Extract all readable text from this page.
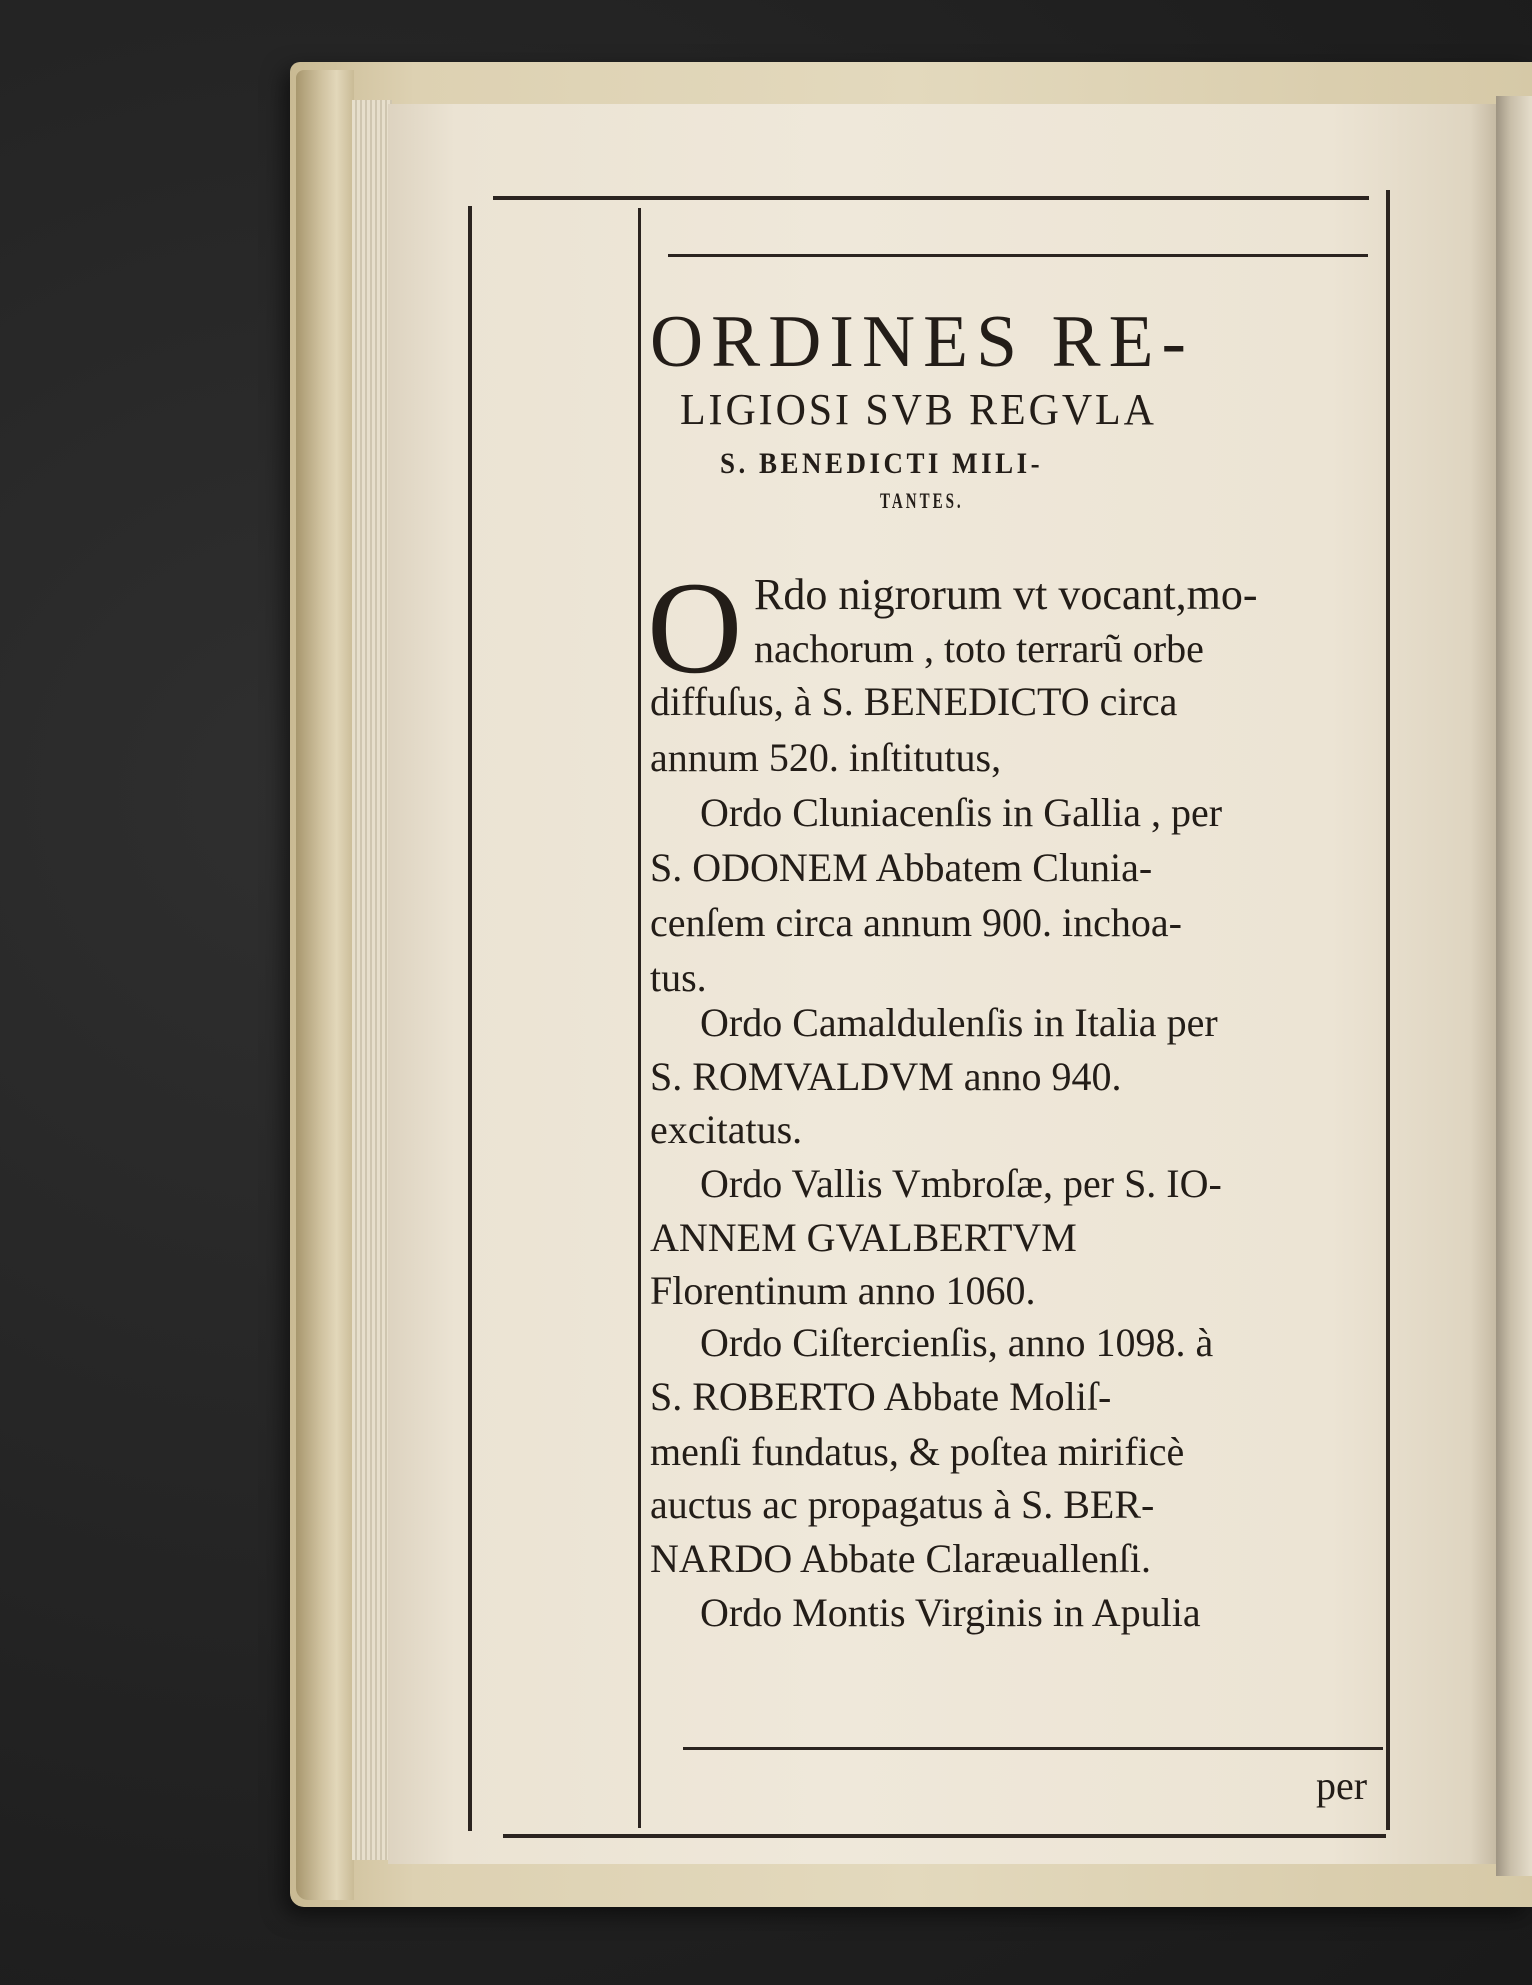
ORDINES RE-
LIGIOSI SVB REGVLA
S. BENEDICTI MILI-
TANTES.
O Rdo nigrorum vt vocant,mo-
nachorum , toto terrarũ orbe
diffuſus, à S. BENEDICTO circa
annum 520. inſtitutus,
Ordo Cluniacenſis in Gallia , per
S. ODONEM Abbatem Clunia-
cenſem circa annum 900. inchoa-
tus.
Ordo Camaldulenſis in Italia per
S. ROMVALDVM anno 940.
excitatus.
Ordo Vallis Vmbroſæ, per S. IO-
ANNEM GVALBERTVM
Florentinum anno 1060.
Ordo Ciſtercienſis, anno 1098. à
S. ROBERTO Abbate Moliſ-
menſi fundatus, & poſtea mirificè
auctus ac propagatus à S. BER-
NARDO Abbate Claræuallenſi.
Ordo Montis Virginis in Apulia
per
